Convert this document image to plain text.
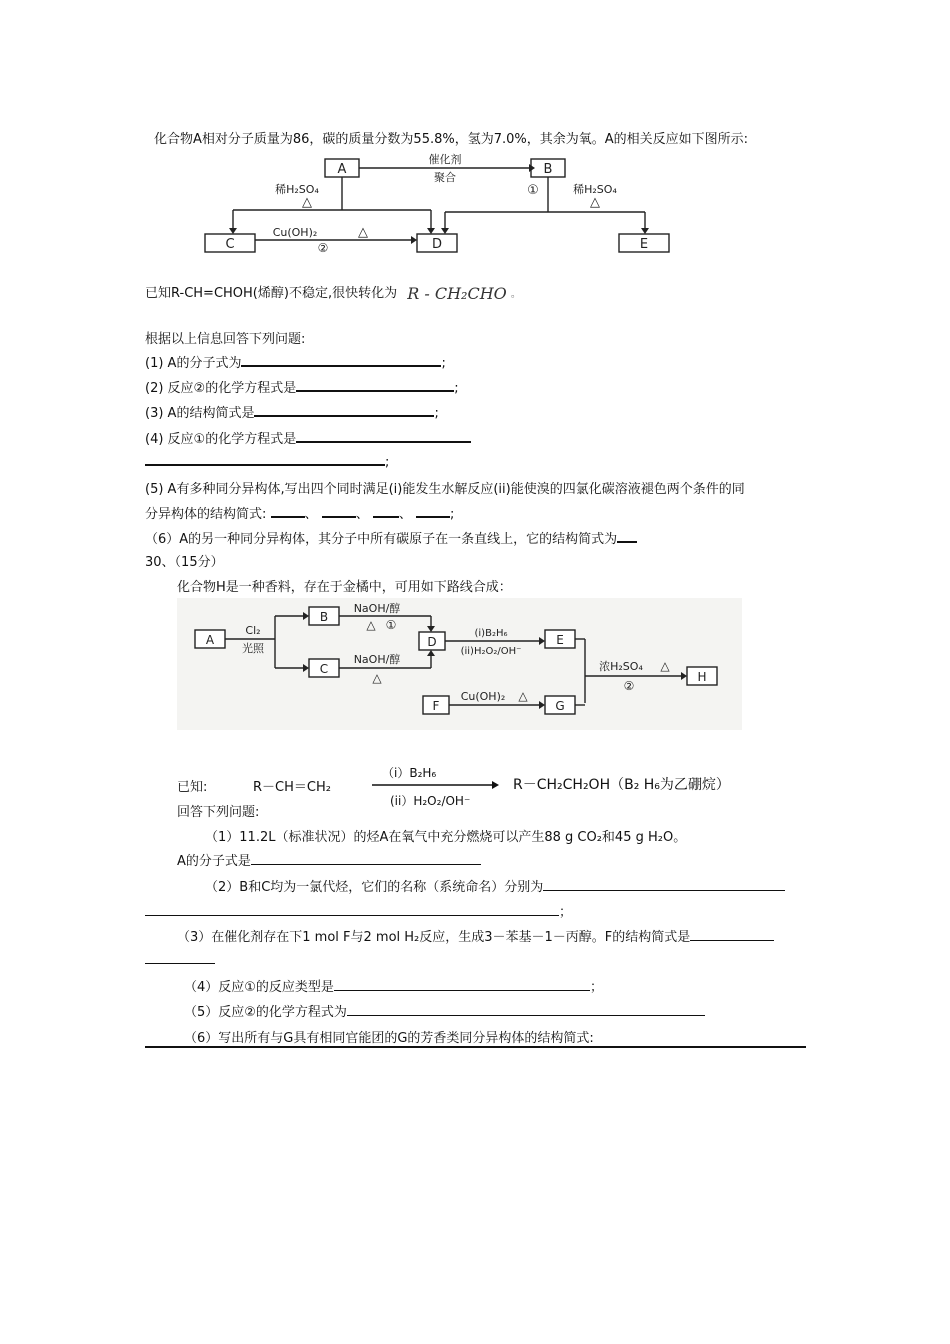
化合物A相对分子质量为86，碳的质量分数为55.8%，氢为7.0%，其余为氧。A的相关反应如下图所示:
A	B
催化剂
聚合
稀H₂SO₄
△
①	稀H₂SO₄
△
C	D	E
Cu(OH)₂	△
②
已知R-CH=CHOH(烯醇)不稳定,很快转化为 R - CH₂CHO 。
根据以上信息回答下列问题:
(1) A的分子式为	;
(2) 反应②的化学方程式是	;
(3) A的结构简式是	;
(4) 反应①的化学方程式是
;
(5) A有多种同分异构体,写出四个同时满足(i)能发生水解反应(ii)能使溴的四氯化碳溶液褪色两个条件的同
分异构体的结构简式:	、	、 、	;
（6）A的另一种同分异构体，其分子中所有碳原子在一条直线上，它的结构简式为
30、（15分）
化合物H是一种香料，存在于金橘中，可用如下路线合成：
A
Cl₂
光照
B
NaOH/醇
△ ①
C
NaOH/醇
△
D
(i)B₂H₆
(ii)H₂O₂/OH⁻
E
浓H₂SO₄ △
②
H
F
Cu(OH)₂ △
G
已知:	R－CH＝CH₂
（i）B₂H₆
(ii）H₂O₂/OH⁻
R－CH₂CH₂OH（B₂ H₆为乙硼烷）
回答下列问题:
（1）11.2L（标准状况）的烃A在氧气中充分燃烧可以产生88 g CO₂和45 g H₂O。
A的分子式是
（2）B和C均为一氯代烃，它们的名称（系统命名）分别为
；
（3）在催化剂存在下1 mol F与2 mol H₂反应，生成3－苯基－1－丙醇。F的结构简式是
（4）反应①的反应类型是	；
（5）反应②的化学方程式为
（6）写出所有与G具有相同官能团的G的芳香类同分异构体的结构简式:
